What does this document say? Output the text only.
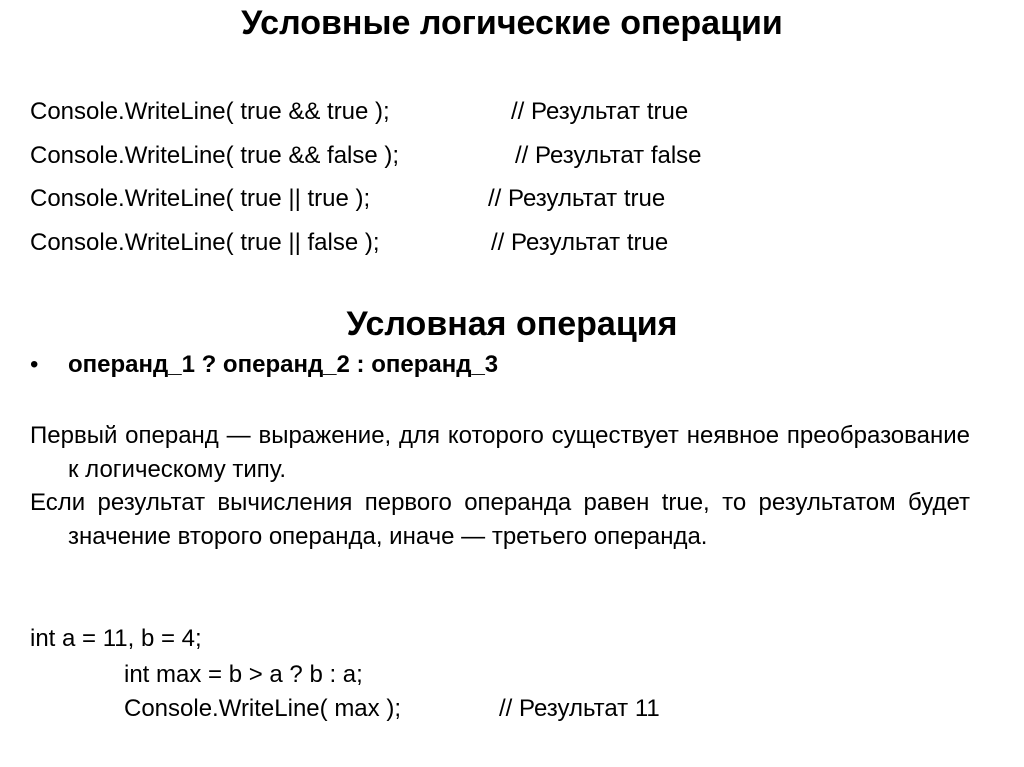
Условные логические операции
Console.WriteLine( true && true );	// Результат true
Console.WriteLine( true && false );	// Результат false
Console.WriteLine( true || true );	// Результат true
Console.WriteLine( true || false );	// Результат true
Условная операция
• операнд_1 ? операнд_2 : операнд_3
Первый операнд — выражение, для которого существует неявное преобразование к логическому типу.
Если результат вычисления первого операнда равен true, то результатом будет значение второго операнда, иначе — третьего операнда.
int a = 11, b = 4;
int max = b > a ? b : a;
Console.WriteLine( max );	// Результат 11
